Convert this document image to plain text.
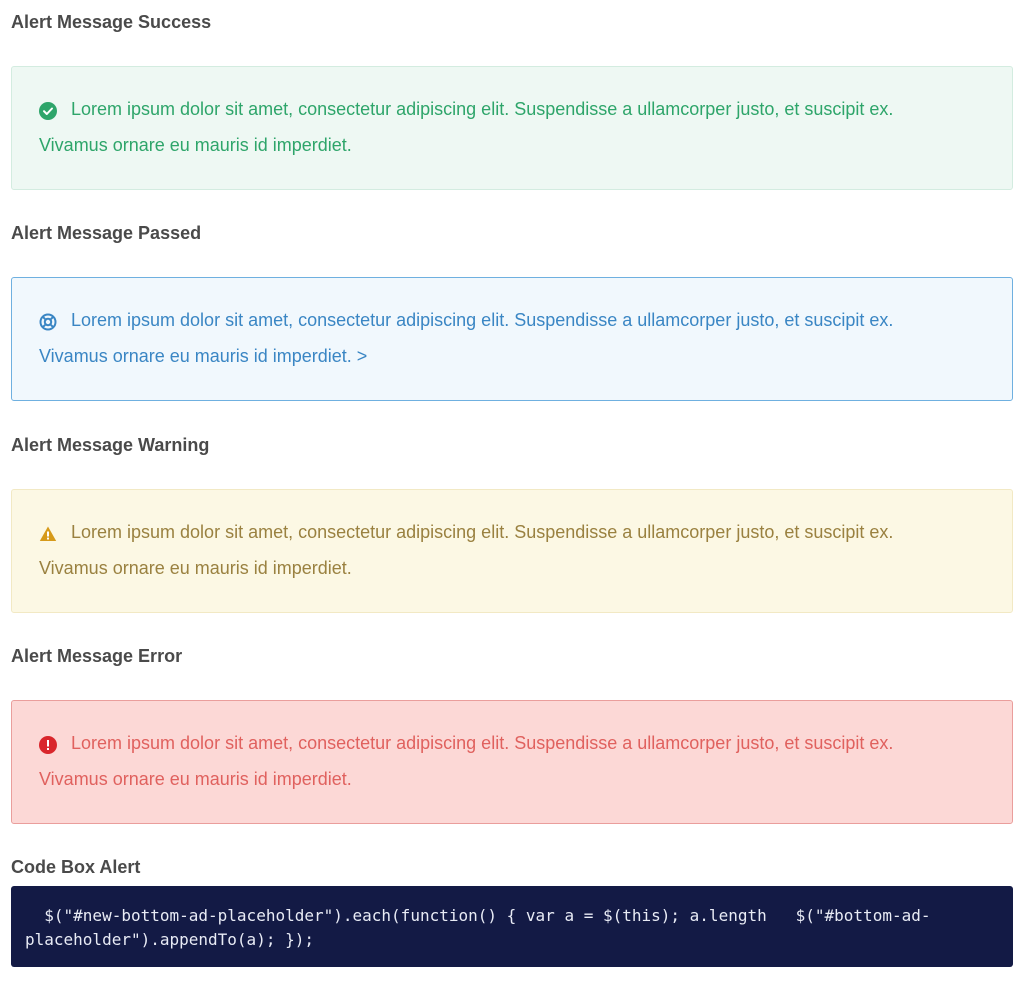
Alert Message Success
Lorem ipsum dolor sit amet, consectetur adipiscing elit. Suspendisse a ullamcorper justo, et suscipit ex.
Vivamus ornare eu mauris id imperdiet.
Alert Message Passed
Lorem ipsum dolor sit amet, consectetur adipiscing elit. Suspendisse a ullamcorper justo, et suscipit ex.
Vivamus ornare eu mauris id imperdiet. >
Alert Message Warning
Lorem ipsum dolor sit amet, consectetur adipiscing elit. Suspendisse a ullamcorper justo, et suscipit ex.
Vivamus ornare eu mauris id imperdiet.
Alert Message Error
Lorem ipsum dolor sit amet, consectetur adipiscing elit. Suspendisse a ullamcorper justo, et suscipit ex.
Vivamus ornare eu mauris id imperdiet.
Code Box Alert
$("#new-bottom-ad-placeholder").each(function() { var a = $(this); a.length   $("#bottom-ad-
placeholder").appendTo(a); });
